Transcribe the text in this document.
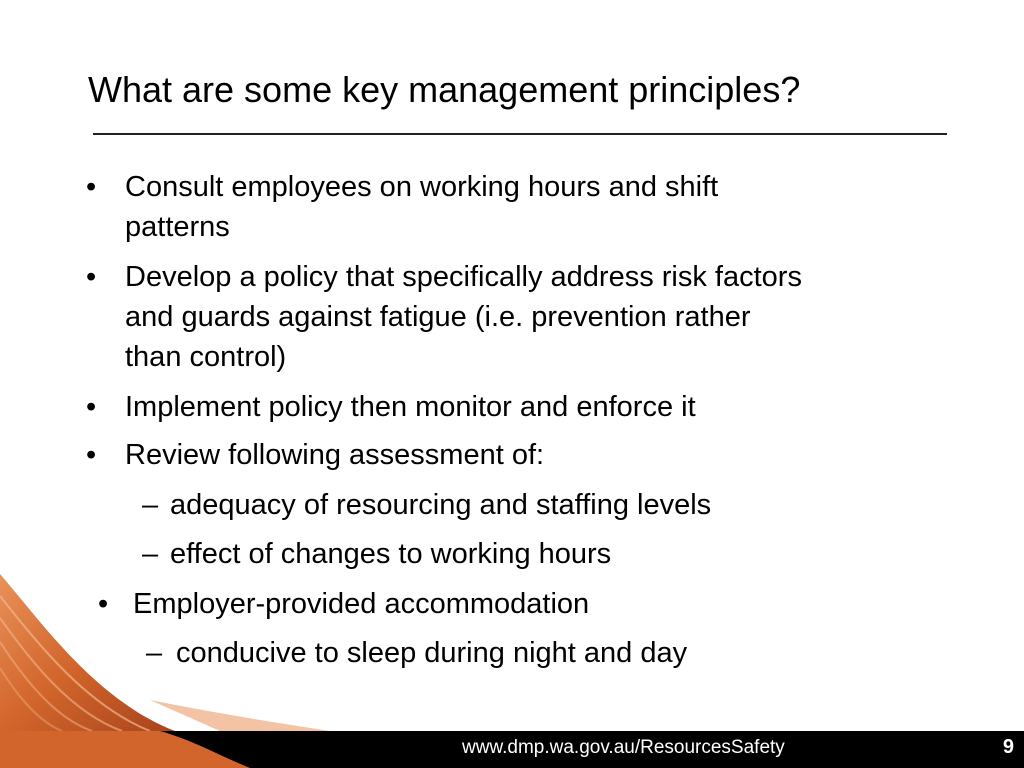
What are some key management principles?
• Consult employees on working hours and shift
patterns
• Develop a policy that specifically address risk factors
and guards against fatigue (i.e. prevention rather
than control)
• Implement policy then monitor and enforce it
• Review following assessment of:
– adequacy of resourcing and staffing levels
– effect of changes to working hours
• Employer-provided accommodation
– conducive to sleep during night and day
www.dmp.wa.gov.au/ResourcesSafety	9
